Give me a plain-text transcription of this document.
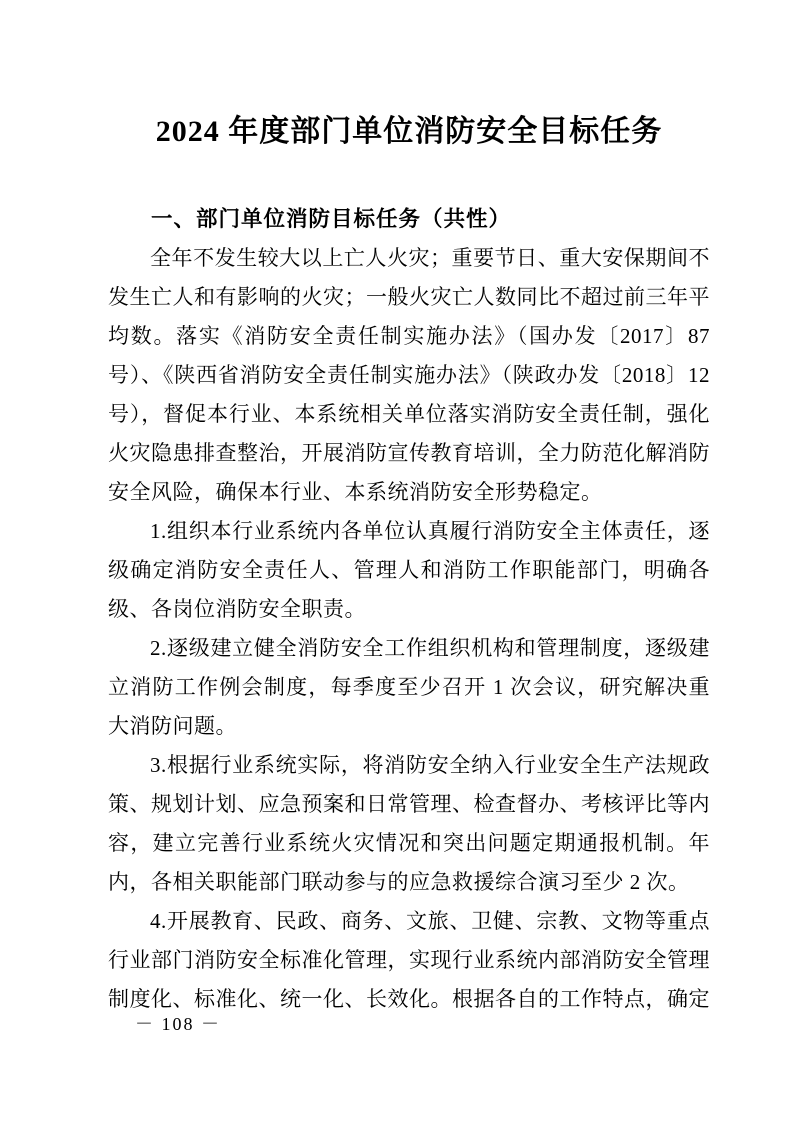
2024 年度部门单位消防安全目标任务
一、部门单位消防目标任务（共性）

全年不发生较大以上亡人火灾；重要节日、重大安保期间不发生亡人和有影响的火灾；一般火灾亡人数同比不超过前三年平均数。落实《消防安全责任制实施办法》（国办发〔2017〕87 号）、《陕西省消防安全责任制实施办法》（陕政办发〔2018〕12 号），督促本行业、本系统相关单位落实消防安全责任制，强化火灾隐患排查整治，开展消防宣传教育培训，全力防范化解消防安全风险，确保本行业、本系统消防安全形势稳定。

1.组织本行业系统内各单位认真履行消防安全主体责任，逐级确定消防安全责任人、管理人和消防工作职能部门，明确各级、各岗位消防安全职责。

2.逐级建立健全消防安全工作组织机构和管理制度，逐级建立消防工作例会制度，每季度至少召开 1 次会议，研究解决重大消防问题。

3.根据行业系统实际，将消防安全纳入行业安全生产法规政策、规划计划、应急预案和日常管理、检查督办、考核评比等内容，建立完善行业系统火灾情况和突出问题定期通报机制。年内，各相关职能部门联动参与的应急救援综合演习至少 2 次。

4.开展教育、民政、商务、文旅、卫健、宗教、文物等重点行业部门消防安全标准化管理，实现行业系统内部消防安全管理制度化、标准化、统一化、长效化。根据各自的工作特点，确定

－ 108 －
